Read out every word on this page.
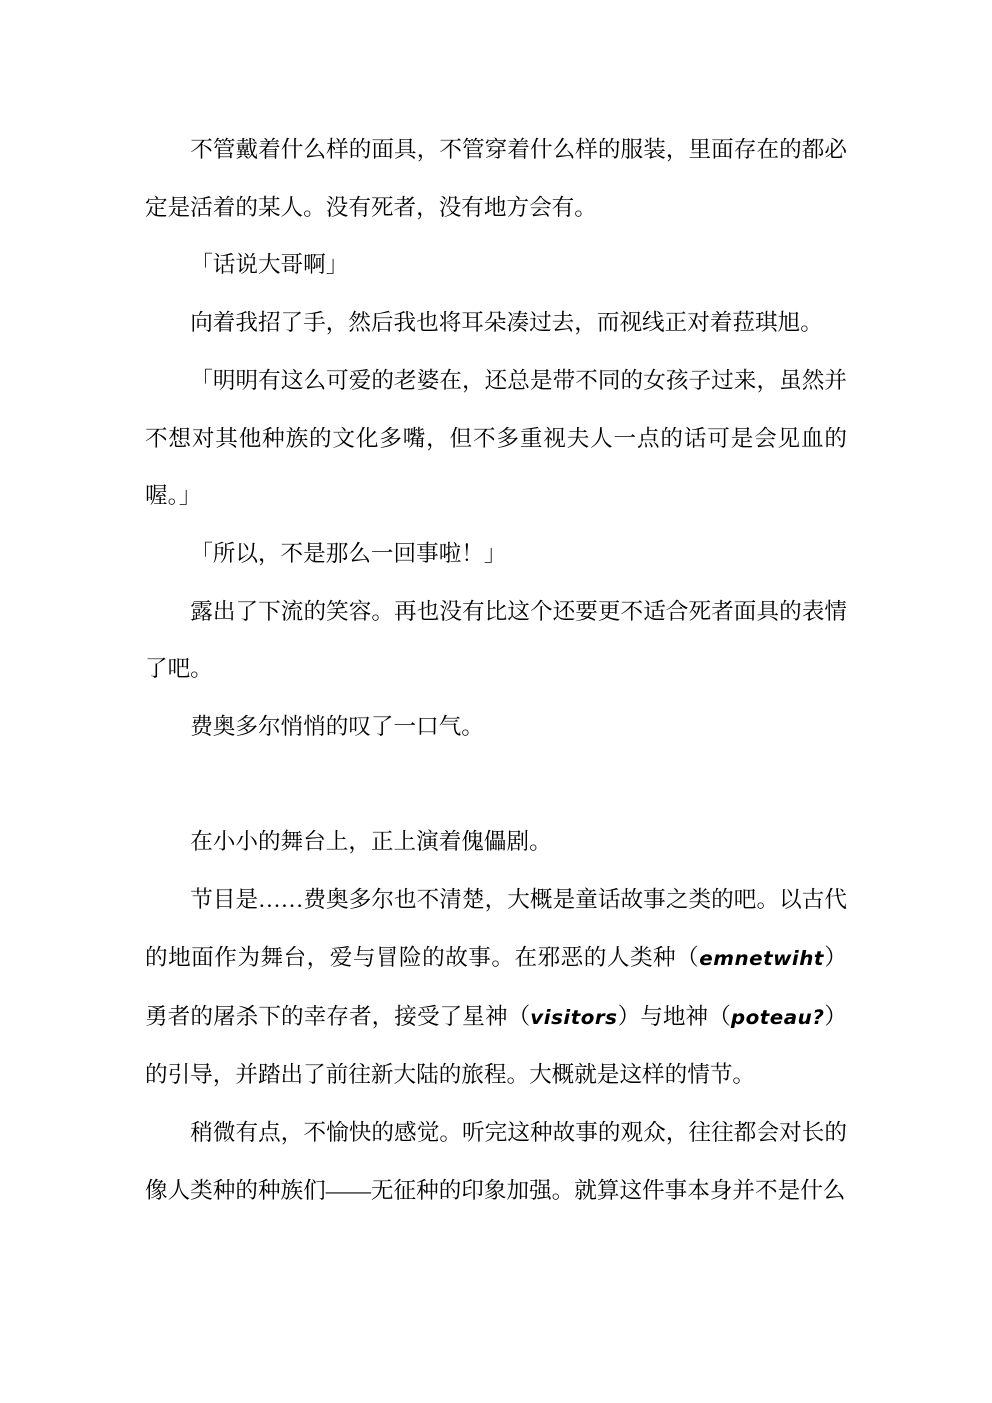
不管戴着什么样的面具，不管穿着什么样的服装，里面存在的都必定是活着的某人。没有死者，没有地方会有。

「话说大哥啊」

向着我招了手，然后我也将耳朵凑过去，而视线正对着菈琪旭。

「明明有这么可爱的老婆在，还总是带不同的女孩子过来，虽然并不想对其他种族的文化多嘴，但不多重视夫人一点的话可是会见血的喔。」

「所以，不是那么一回事啦！」

露出了下流的笑容。再也没有比这个还要更不适合死者面具的表情了吧。

费奥多尔悄悄的叹了一口气。

在小小的舞台上，正上演着傀儡剧。

节目是……费奥多尔也不清楚，大概是童话故事之类的吧。以古代的地面作为舞台，爱与冒险的故事。在邪恶的人类种（emnetwiht）勇者的屠杀下的幸存者，接受了星神（visitors）与地神（poteau?）的引导，并踏出了前往新大陆的旅程。大概就是这样的情节。

稍微有点，不愉快的感觉。听完这种故事的观众，往往都会对长的像人类种的种族们——无征种的印象加强。就算这件事本身并不是什么
